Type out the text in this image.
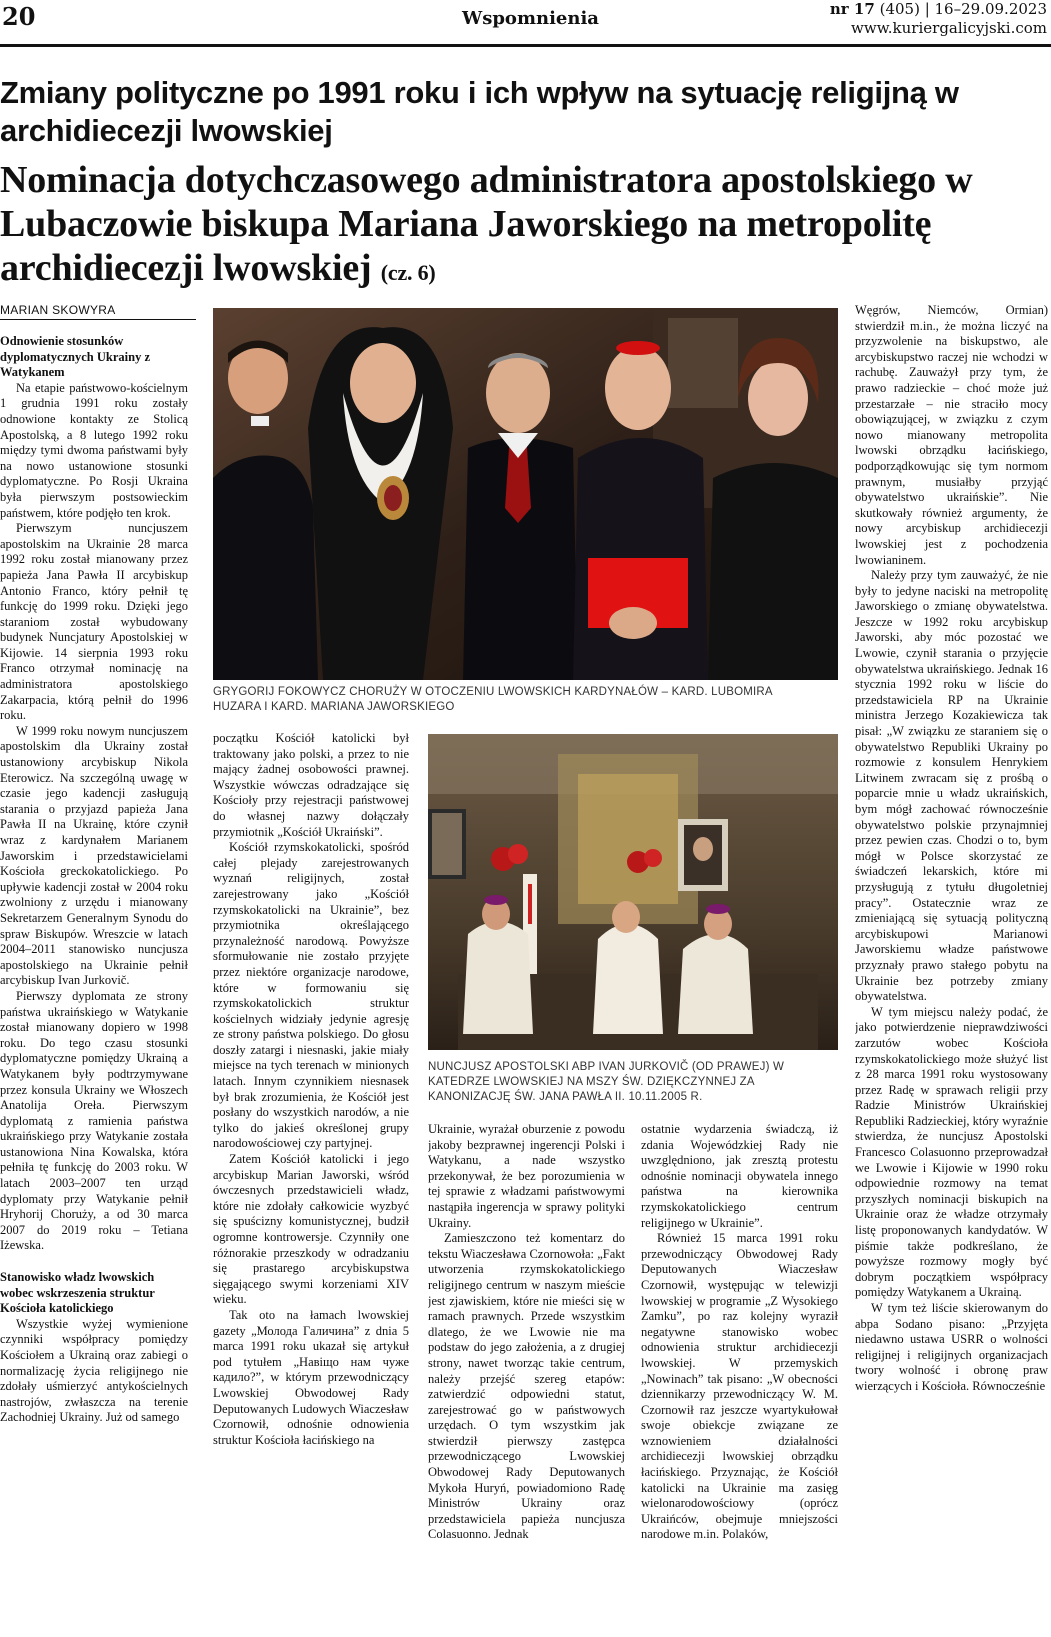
20	Wspomnienia	nr 17 (405) | 16–29.09.2023
www.kuriergalicyjski.com
Zmiany polityczne po 1991 roku i ich wpływ na sytuację religijną w archidiecezji lwowskiej
Nominacja dotychczasowego administratora apostolskiego w Lubaczowie biskupa Mariana Jaworskiego na metropolitę archidiecezji lwowskiej (cz. 6)
MARIAN SKOWYRA
Odnowienie stosunków dyplomatycznych Ukrainy z Watykanem

Na etapie państwowo-kościelnym 1 grudnia 1991 roku zostały odnowione kontakty ze Stolicą Apostolską, a 8 lutego 1992 roku między tymi dwoma państwami były na nowo ustanowione stosunki dyplomatyczne. Po Rosji Ukraina była pierwszym postsowieckim państwem, które podjęło ten krok.

Pierwszym nuncjuszem apostolskim na Ukrainie 28 marca 1992 roku został mianowany przez papieża Jana Pawła II arcybiskup Antonio Franco, który pełnił tę funkcję do 1999 roku. Dzięki jego staraniom został wybudowany budynek Nuncjatury Apostolskiej w Kijowie. 14 sierpnia 1993 roku Franco otrzymał nominację na administratora apostolskiego Zakarpacia, którą pełnił do 1996 roku.

W 1999 roku nowym nuncjuszem apostolskim dla Ukrainy został ustanowiony arcybiskup Nikola Eterowicz. Na szczególną uwagę w czasie jego kadencji zasługują starania o przyjazd papieża Jana Pawła II na Ukrainę, które czynił wraz z kardynałem Marianem Jaworskim i przedstawicielami Kościoła greckokatolickiego. Po upływie kadencji został w 2004 roku zwolniony z urzędu i mianowany Sekretarzem Generalnym Synodu do spraw Biskupów. Wreszcie w latach 2004–2011 stanowisko nuncjusza apostolskiego na Ukrainie pełnił arcybiskup Ivan Jurkovič.

Pierwszy dyplomata ze strony państwa ukraińskiego w Watykanie został mianowany dopiero w 1998 roku. Do tego czasu stosunki dyplomatyczne pomiędzy Ukrainą a Watykanem były podtrzymywane przez konsula Ukrainy we Włoszech Anatolija Oreła. Pierwszym dyplomatą z ramienia państwa ukraińskiego przy Watykanie została ustanowiona Nina Kowalska, która pełniła tę funkcję do 2003 roku. W latach 2003–2007 ten urząd dyplomaty przy Watykanie pełnił Hryhorij Choruży, a od 30 marca 2007 do 2019 roku – Tetiana Iżewska.

Stanowisko władz lwowskich wobec wskrzeszenia struktur Kościoła katolickiego

Wszystkie wyżej wymienione czynniki współpracy pomiędzy Kościołem a Ukrainą oraz zabiegi o normalizację życia religijnego nie zdołały uśmierzyć antykościelnych nastrojów, zwłaszcza na terenie Zachodniej Ukrainy. Już od samego

GRYGORIJ FOKOWYCZ CHORUŻY W OTOCZENIU LWOWSKICH KARDYNAŁÓW – KARD. LUBOMIRA HUZARA I KARD. MARIANA JAWORSKIEGO

początku Kościół katolicki był traktowany jako polski, a przez to nie mający żadnej osobowości prawnej. Wszystkie wówczas odradzające się Kościoły przy rejestracji państwowej do własnej nazwy dołączały przymiotnik „Kościół Ukraiński”.

Kościół rzymskokatolicki, spośród całej plejady zarejestrowanych wyznań religijnych, został zarejestrowany jako „Kościół rzymskokatolicki na Ukrainie”, bez przymiotnika określającego przynależność narodową. Powyższe sformułowanie nie zostało przyjęte przez niektóre organizacje narodowe, które w formowaniu się rzymskokatolickich struktur kościelnych widziały jedynie agresję ze strony państwa polskiego. Do głosu doszły zatargi i niesnaski, jakie miały miejsce na tych terenach w minionych latach. Innym czynnikiem niesnasek był brak zrozumienia, że Kościół jest posłany do wszystkich narodów, a nie tylko do jakieś określonej grupy narodowościowej czy partyjnej.

Zatem Kościół katolicki i jego arcybiskup Marian Jaworski, wśród ówczesnych przedstawicieli władz, które nie zdołały całkowicie wyzbyć się spuścizny komunistycznej, budził ogromne kontrowersje. Czynniły one różnorakie przeszkody w odradzaniu się prastarego arcybiskupstwa sięgającego swymi korzeniami XIV wieku.

Tak oto na łamach lwowskiej gazety „Молода Галичина” z dnia 5 marca 1991 roku ukazał się artykuł pod tytułem „Навіщо нам чуже кадило?”, w którym przewodniczący Lwowskiej Obwodowej Rady Deputowanych Ludowych Wiaczesław Czornowił, odnośnie odnowienia struktur Kościoła łacińskiego na

NUNCJUSZ APOSTOLSKI ABP IVAN JURKOVIČ (OD PRAWEJ) W KATEDRZE LWOWSKIEJ NA MSZY ŚW. DZIĘKCZYNNEJ ZA KANONIZACJĘ ŚW. JANA PAWŁA II. 10.11.2005 R.

Ukrainie, wyrażał oburzenie z powodu jakoby bezprawnej ingerencji Polski i Watykanu, a nade wszystko przekonywał, że bez porozumienia w tej sprawie z władzami państwowymi nastąpiła ingerencja w sprawy polityki Ukrainy.

Zamieszczono też komentarz do tekstu Wiaczesława Czornowoła: „Fakt utworzenia rzymskokatolickiego religijnego centrum w naszym mieście jest zjawiskiem, które nie mieści się w ramach prawnych. Przede wszystkim dlatego, że we Lwowie nie ma podstaw do jego założenia, a z drugiej strony, nawet tworząc takie centrum, należy przejść szereg etapów: zatwierdzić odpowiedni statut, zarejestrować go w państwowych urzędach. O tym wszystkim jak stwierdził pierwszy zastępca przewodniczącego Lwowskiej Obwodowej Rady Deputowanych Mykoła Huryń, powiadomiono Radę Ministrów Ukrainy oraz przedstawiciela papieża nuncjusza Colasuonno. Jednak

ostatnie wydarzenia świadczą, iż zdania Wojewódzkiej Rady nie uwzględniono, jak zresztą protestu odnośnie nominacji obywatela innego państwa na kierownika rzymskokatolickiego centrum religijnego w Ukrainie”.

Również 15 marca 1991 roku przewodniczący Obwodowej Rady Deputowanych Wiaczesław Czornowił, występując w telewizji lwowskiej w programie „Z Wysokiego Zamku”, po raz kolejny wyraził negatywne stanowisko wobec odnowienia struktur archidiecezji lwowskiej. W przemyskich „Nowinach” tak pisano: „W obecności dziennikarzy przewodniczący W. M. Czornowił raz jeszcze wyartykułował swoje obiekcje związane ze wznowieniem działalności archidiecezji lwowskiej obrządku łacińskiego. Przyznając, że Kościół katolicki na Ukrainie ma zasięg wielonarodowościowy (oprócz Ukraińców, obejmuje mniejszości narodowe m.in. Polaków,

Węgrów, Niemców, Ormian) stwierdził m.in., że można liczyć na przyzwolenie na biskupstwo, ale arcybiskupstwo raczej nie wchodzi w rachubę. Zauważył przy tym, że prawo radzieckie – choć może już przestarzałe – nie straciło mocy obowiązującej, w związku z czym nowo mianowany metropolita lwowski obrządku łacińskiego, podporządkowując się tym normom prawnym, musiałby przyjąć obywatelstwo ukraińskie”. Nie skutkowały również argumenty, że nowy arcybiskup archidiecezji lwowskiej jest z pochodzenia lwowianinem.

Należy przy tym zauważyć, że nie były to jedyne naciski na metropolitę Jaworskiego o zmianę obywatelstwa. Jeszcze w 1992 roku arcybiskup Jaworski, aby móc pozostać we Lwowie, czynił starania o przyjęcie obywatelstwa ukraińskiego. Jednak 16 stycznia 1992 roku w liście do przedstawiciela RP na Ukrainie ministra Jerzego Kozakiewicza tak pisał: „W związku ze staraniem się o obywatelstwo Republiki Ukrainy po rozmowie z konsulem Henrykiem Litwinem zwracam się z prośbą o poparcie mnie u władz ukraińskich, bym mógł zachować równocześnie obywatelstwo polskie przynajmniej przez pewien czas. Chodzi o to, bym mógł w Polsce skorzystać ze świadczeń lekarskich, które mi przysługują z tytułu długoletniej pracy”. Ostatecznie wraz ze zmieniającą się sytuacją polityczną arcybiskupowi Marianowi Jaworskiemu władze państwowe przyznały prawo stałego pobytu na Ukrainie bez potrzeby zmiany obywatelstwa.

W tym miejscu należy podać, że jako potwierdzenie nieprawdziwości zarzutów wobec Kościoła rzymskokatolickiego może służyć list z 28 marca 1991 roku wystosowany przez Radę w sprawach religii przy Radzie Ministrów Ukraińskiej Republiki Radzieckiej, który wyraźnie stwierdza, że nuncjusz Apostolski Francesco Colasuonno przeprowadzał we Lwowie i Kijowie w 1990 roku odpowiednie rozmowy na temat przyszłych nominacji biskupich na Ukrainie oraz że władze otrzymały listę proponowanych kandydatów. W piśmie także podkreślano, że powyższe rozmowy mogły być dobrym początkiem współpracy pomiędzy Watykanem a Ukrainą.

W tym też liście skierowanym do abpa Sodano pisano: „Przyjęta niedawno ustawa USRR o wolności religijnej i religijnych organizacjach twory wolność i obronę praw wierzących i Kościoła. Równocześnie
